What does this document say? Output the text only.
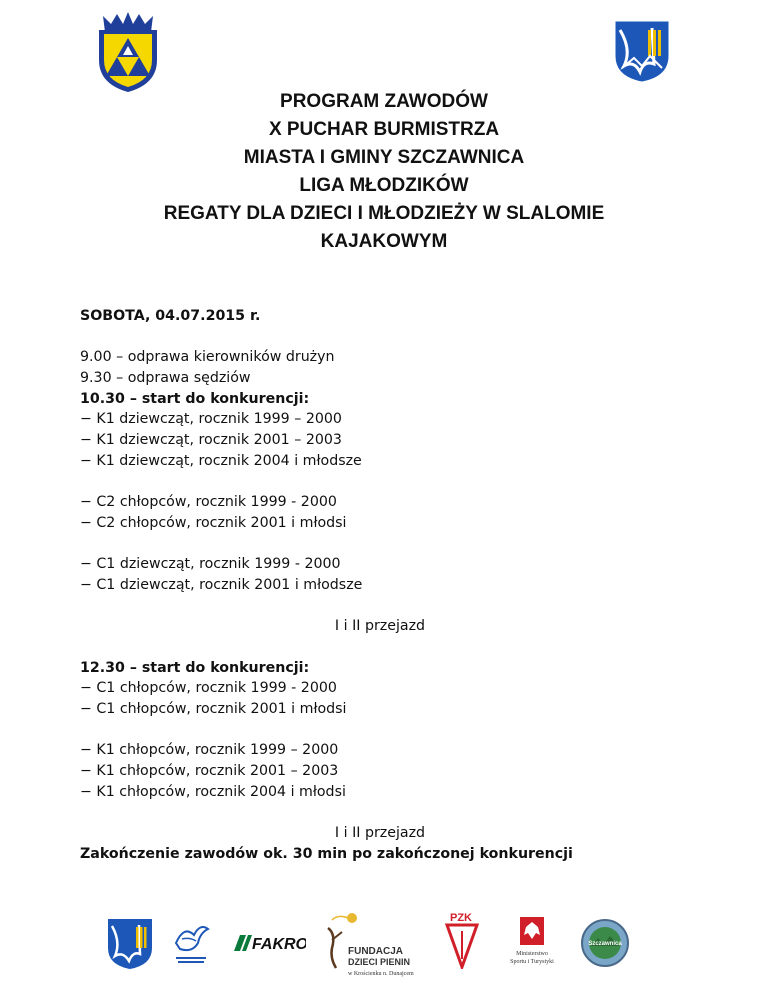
PROGRAM ZAWODÓW
X PUCHAR BURMISTRZA
MIASTA I GMINY SZCZAWNICA
LIGA MŁODZIKÓW
REGATY DLA DZIECI I MŁODZIEŻY W SLALOMIE
KAJAKOWYM
SOBOTA, 04.07.2015 r.
9.00 – odprawa kierowników drużyn
9.30 – odprawa sędziów
10.30 – start do konkurencji:
− K1 dziewcząt, rocznik 1999 – 2000
− K1 dziewcząt, rocznik 2001 – 2003
− K1 dziewcząt, rocznik 2004 i młodsze
− C2 chłopców, rocznik 1999 - 2000
− C2 chłopców, rocznik 2001 i młodsi
− C1 dziewcząt, rocznik 1999 - 2000
− C1 dziewcząt, rocznik 2001 i młodsze
I i II przejazd
12.30 – start do konkurencji:
− C1 chłopców, rocznik 1999 - 2000
− C1 chłopców, rocznik 2001 i młodsi
− K1 chłopców, rocznik 1999 – 2000
− K1 chłopców, rocznik 2001 – 2003
− K1 chłopców, rocznik 2004 i młodsi
I i II przejazd
Zakończenie zawodów ok. 30 min po zakończonej konkurencji
FAKRO	FUNDACJA
DZIECI PIENIN
w Krościenku n. Dunajcem
PZK
Ministerstwo
Sportu i Turystyki
Szczawnica
